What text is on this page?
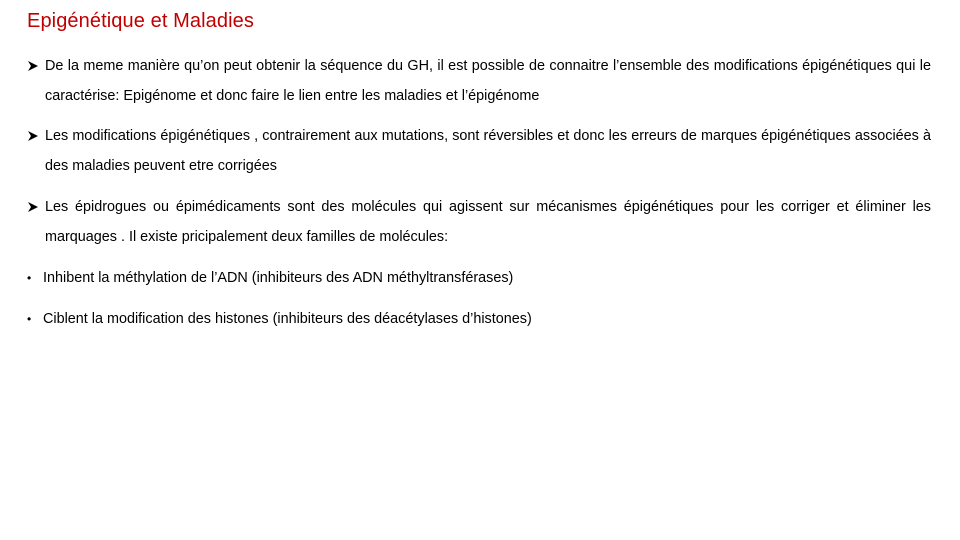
Epigénétique et Maladies
De la meme manière qu’on peut obtenir la séquence du GH, il est possible de connaitre l’ensemble des modifications épigénétiques qui le caractérise: Epigénome et donc faire le lien entre les maladies et l’épigénome
Les modifications épigénétiques , contrairement aux mutations, sont réversibles et donc les erreurs de marques épigénétiques associées à des maladies peuvent etre corrigées
Les épidrogues ou épimédicaments sont des molécules qui agissent sur mécanismes épigénétiques pour les corriger et éliminer les marquages . Il existe pricipalement deux familles de molécules:
• Inhibent la méthylation de l’ADN (inhibiteurs des ADN méthyltransférases)
• Ciblent la modification des histones (inhibiteurs des déacétylases d’histones)
